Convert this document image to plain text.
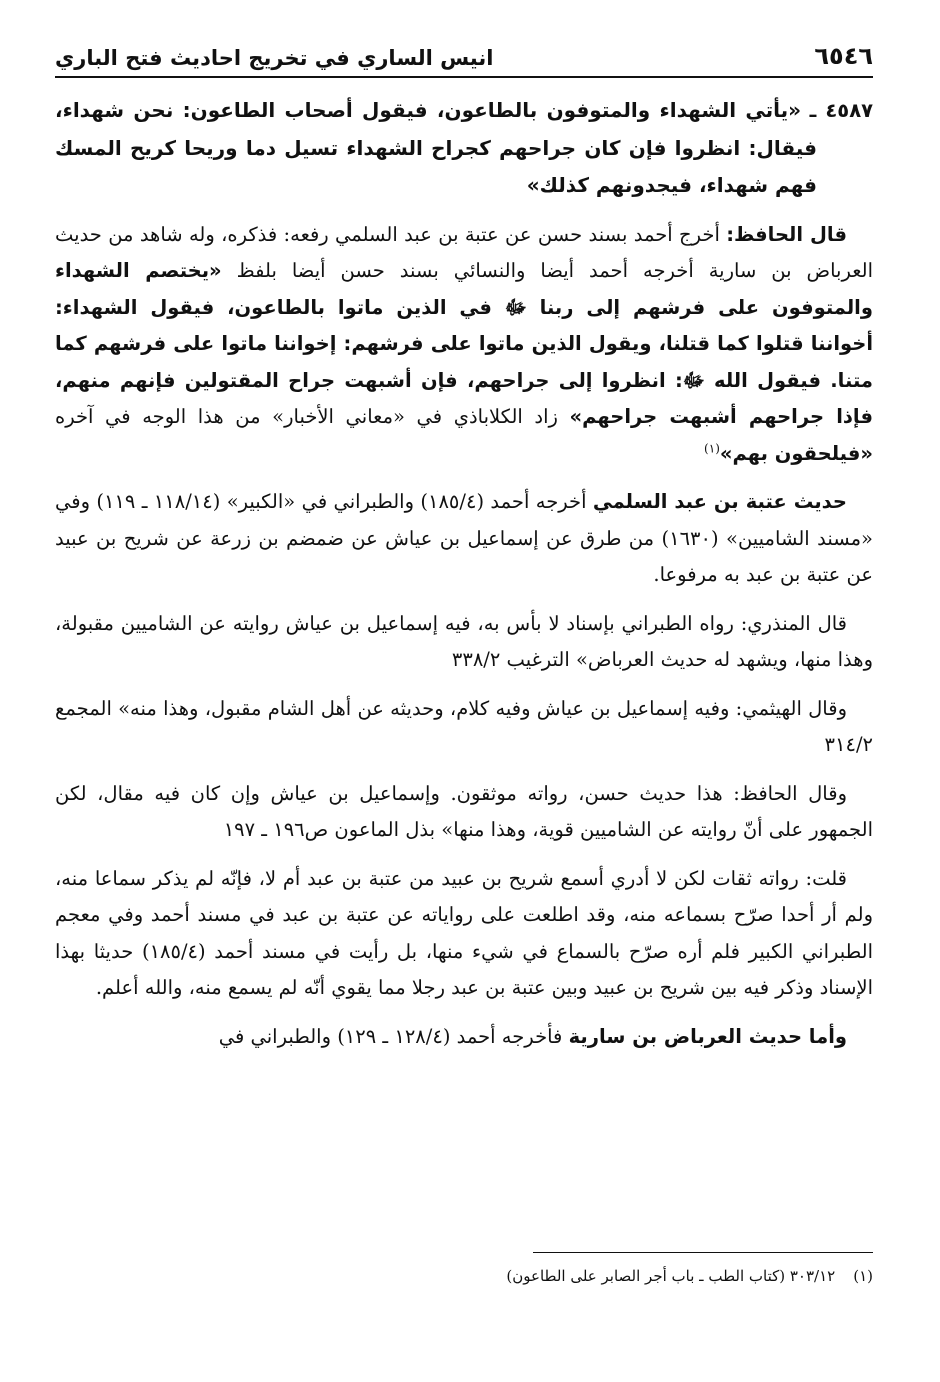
٦٥٤٦
انيس الساري في تخريج احاديث فتح الباري

٤٥٨٧ ـ «يأتي الشهداء والمتوفون بالطاعون، فيقول أصحاب الطاعون: نحن شهداء، فيقال: انظروا فإن كان جراحهم كجراح الشهداء تسيل دما وريحا كريح المسك فهم شهداء، فيجدونهم كذلك»

قال الحافظ: أخرج أحمد بسند حسن عن عتبة بن عبد السلمي رفعه: فذكره، وله شاهد من حديث العرباض بن سارية أخرجه أحمد أيضا والنسائي بسند حسن أيضا بلفظ «يختصم الشهداء والمتوفون على فرشهم إلى ربنا ﷻ في الذين ماتوا بالطاعون، فيقول الشهداء: أخواننا قتلوا كما قتلنا، ويقول الذين ماتوا على فرشهم: إخواننا ماتوا على فرشهم كما متنا. فيقول الله ﷻ: انظروا إلى جراحهم، فإن أشبهت جراح المقتولين فإنهم منهم، فإذا جراحهم أشبهت جراحهم» زاد الكلاباذي في «معاني الأخبار» من هذا الوجه في آخره «فيلحقون بهم»$^{(١)}$

حديث عتبة بن عبد السلمي أخرجه أحمد (١٨٥/٤) والطبراني في «الكبير» (١١٨/١٤ ـ ١١٩) وفي «مسند الشاميين» (١٦٣٠) من طرق عن إسماعيل بن عياش عن ضمضم بن زرعة عن شريح بن عبيد عن عتبة بن عبد به مرفوعا.

قال المنذري: رواه الطبراني بإسناد لا بأس به، فيه إسماعيل بن عياش روايته عن الشاميين مقبولة، وهذا منها، ويشهد له حديث العرباض» الترغيب ٣٣٨/٢

وقال الهيثمي: وفيه إسماعيل بن عياش وفيه كلام، وحديثه عن أهل الشام مقبول، وهذا منه» المجمع ٣١٤/٢

وقال الحافظ: هذا حديث حسن، رواته موثقون. وإسماعيل بن عياش وإن كان فيه مقال، لكن الجمهور على أنّ روايته عن الشاميين قوية، وهذا منها» بذل الماعون ص١٩٦ ـ ١٩٧

قلت: رواته ثقات لكن لا أدري أسمع شريح بن عبيد من عتبة بن عبد أم لا، فإنّه لم يذكر سماعا منه، ولم أر أحدا صرّح بسماعه منه، وقد اطلعت على رواياته عن عتبة بن عبد في مسند أحمد وفي معجم الطبراني الكبير فلم أره صرّح بالسماع في شيء منها، بل رأيت في مسند أحمد (١٨٥/٤) حديثا بهذا الإسناد وذكر فيه بين شريح بن عبيد وبين عتبة بن عبد رجلا مما يقوي أنّه لم يسمع منه، والله أعلم.

وأما حديث العرباض بن سارية فأخرجه أحمد (١٢٨/٤ ـ ١٢٩) والطبراني في

(١)٣٠٣/١٢ (كتاب الطب ـ باب أجر الصابر على الطاعون)
